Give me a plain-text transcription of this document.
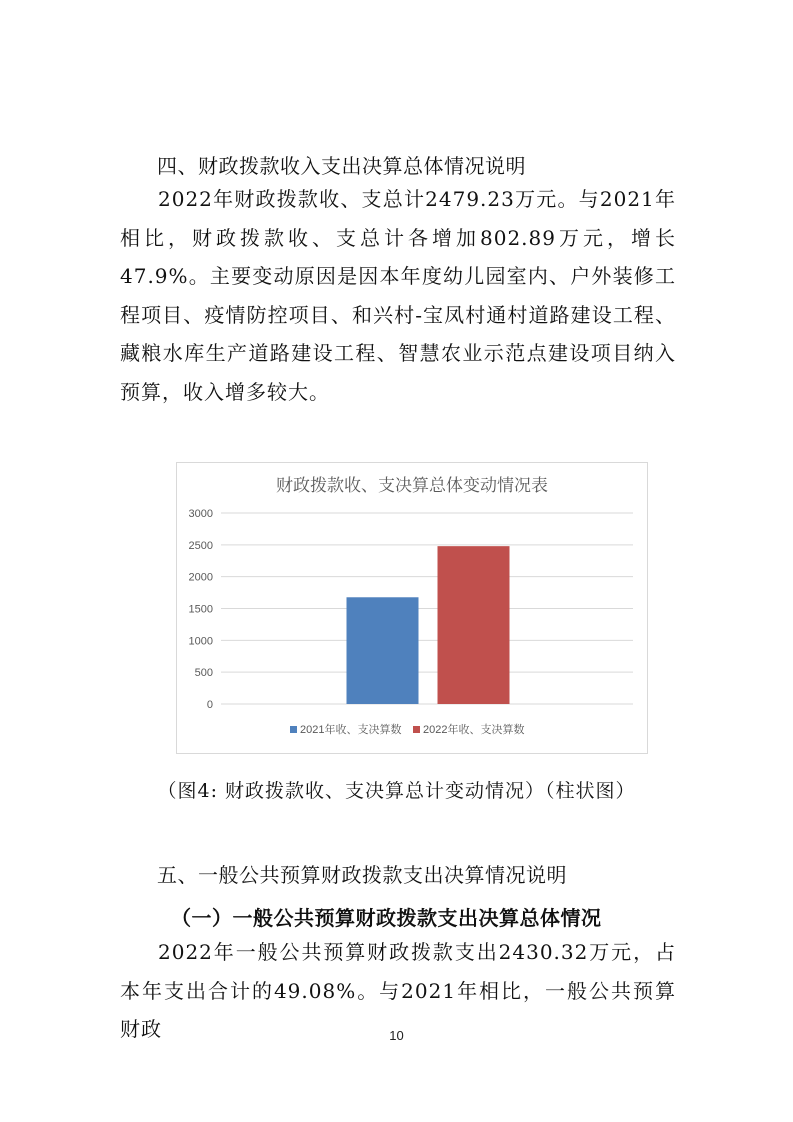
四、财政拨款收入支出决算总体情况说明

2022年财政拨款收、支总计2479.23万元。与2021年相比，财政拨款收、支总计各增加802.89万元，增长47.9%。主要变动原因是因本年度幼儿园室内、户外装修工程项目、疫情防控项目、和兴村-宝凤村通村道路建设工程、藏粮水库生产道路建设工程、智慧农业示范点建设项目纳入预算，收入增多较大。

财政拨款收、支决算总体变动情况表
0
500
1000
1500
2000
2500
3000
2021年收、支决算数 2022年收、支决算数
（图4: 财政拨款收、支决算总计变动情况）（柱状图）
五、一般公共预算财政拨款支出决算情况说明
（一）一般公共预算财政拨款支出决算总体情况

2022年一般公共预算财政拨款支出2430.32万元，占本年支出合计的49.08%。与2021年相比，一般公共预算财政	10
